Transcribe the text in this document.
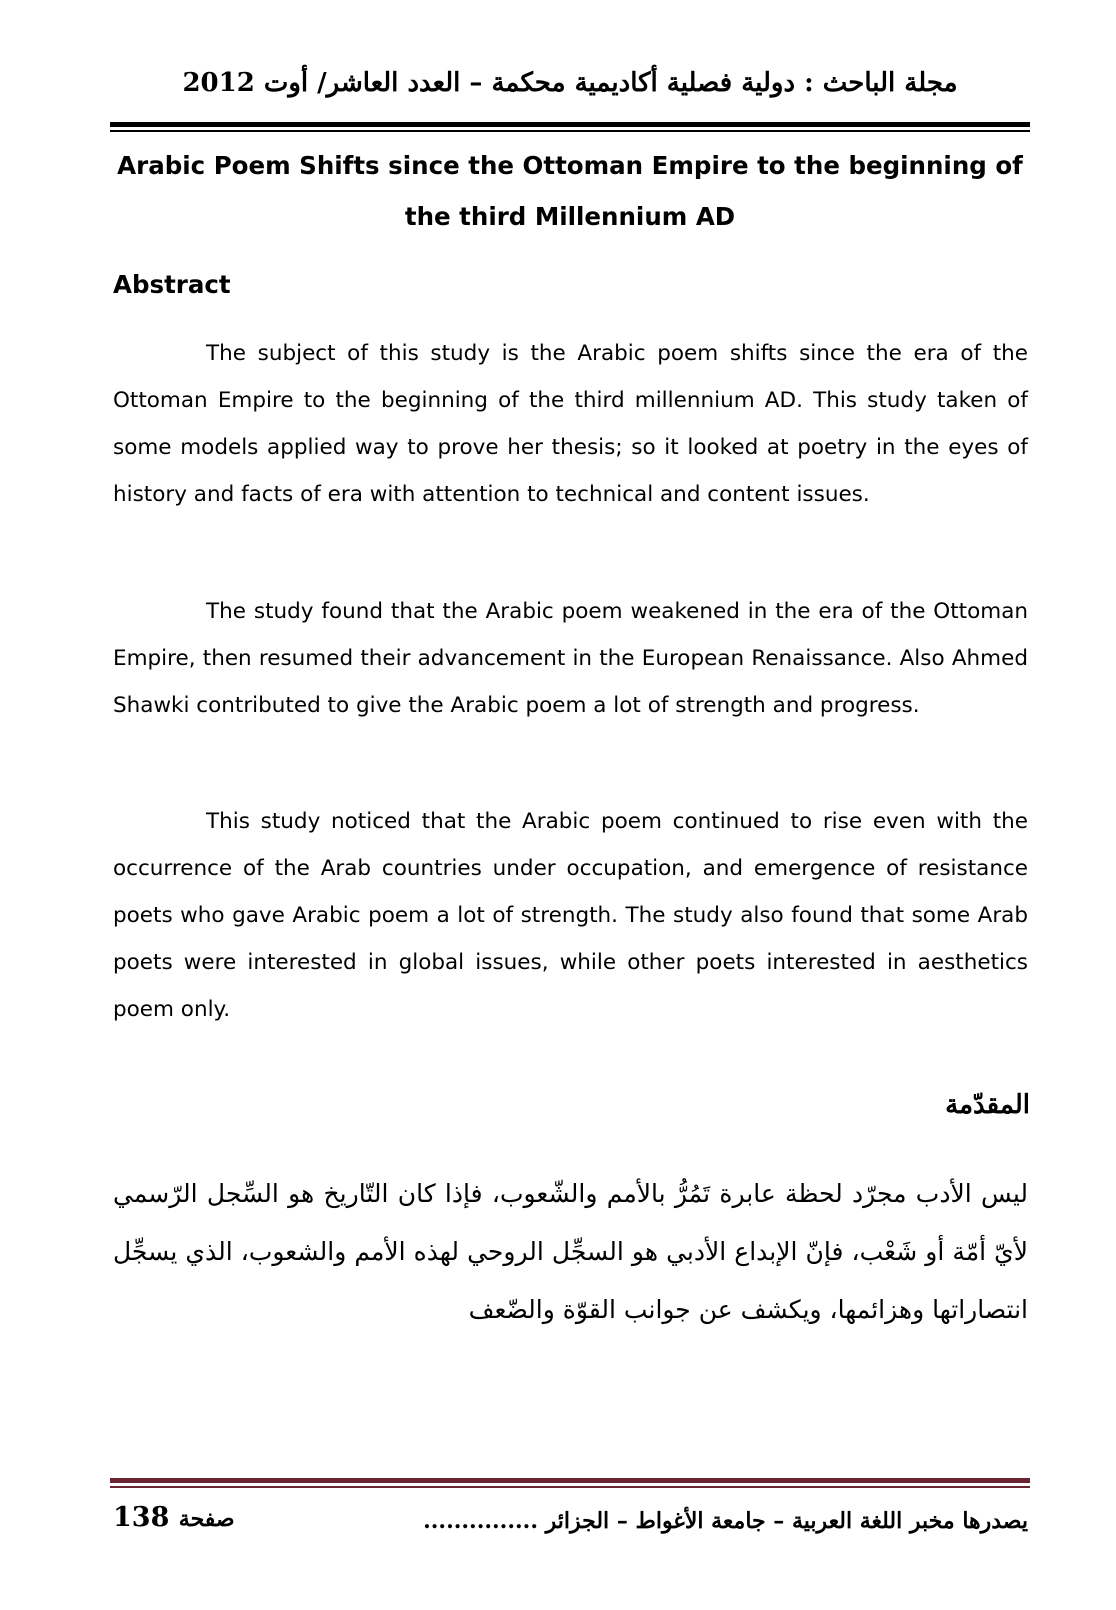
مجلة الباحث : دولية فصلية أكاديمية محكمة – العدد العاشر/ أوت 2012
Arabic Poem Shifts since the Ottoman Empire to the beginning of the third Millennium AD
Abstract
The subject of this study is the Arabic poem shifts since the era of the Ottoman Empire to the beginning of the third millennium AD. This study taken of some models applied way to prove her thesis; so it looked at poetry in the eyes of history and facts of era with attention to technical and content issues.
The study found that the Arabic poem weakened in the era of the Ottoman Empire, then resumed their advancement in the European Renaissance. Also Ahmed Shawki contributed to give the Arabic poem a lot of strength and progress.
This study noticed that the Arabic poem continued to rise even with the occurrence of the Arab countries under occupation, and emergence of resistance poets who gave Arabic poem a lot of strength. The study also found that some Arab poets were interested in global issues, while other poets interested in aesthetics poem only.
المقدّمة
ليس الأدب مجرّد لحظة عابرة تَمُرُّ بالأمم والشّعوب، فإذا كان التّاريخ هو السِّجل الرّسمي لأيّ أمّة أو شَعْب، فإنّ الإبداع الأدبي هو السجِّل الروحي لهذه الأمم والشعوب، الذي يسجِّل انتصاراتها وهزائمها، ويكشف عن جوانب القوّة والضّعف
يصدرها مخبر اللغة العربية – جامعة الأغواط – الجزائر ...............
138 صفحة
